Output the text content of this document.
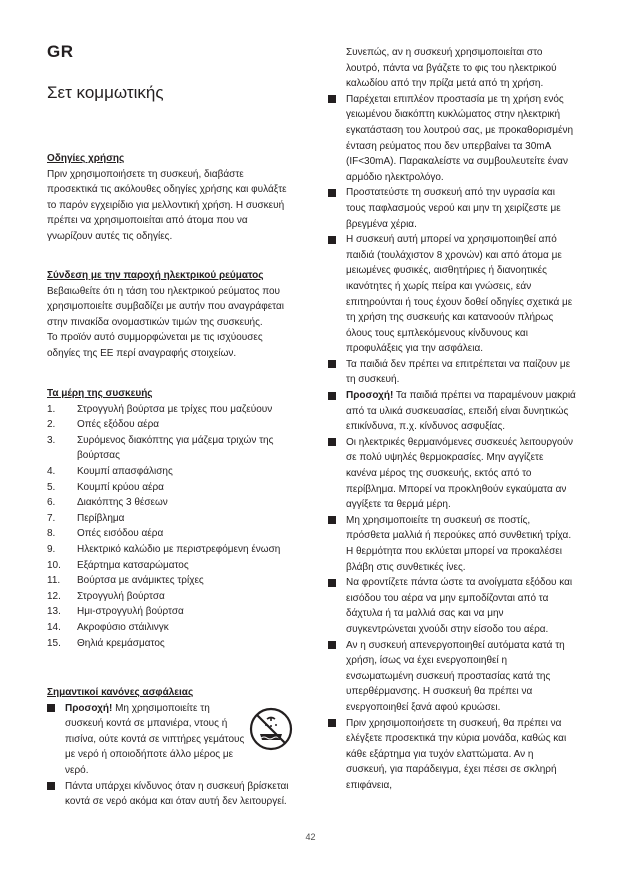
GR
Σετ κομμωτικής

Οδηγίες χρήσης

Πριν χρησιμοποιήσετε τη συσκευή, διαβάστε προσεκτικά τις ακόλουθες οδηγίες χρήσης και φυλάξτε το παρόν εγχειρίδιο για μελλοντική χρήση. Η συσκευή πρέπει να χρησιμοποιείται από άτομα που να γνωρίζουν αυτές τις οδηγίες.

Σύνδεση με την παροχή ηλεκτρικού ρεύματος

Βεβαιωθείτε ότι η τάση του ηλεκτρικού ρεύματος που χρησιμοποιείτε συμβαδίζει με αυτήν που αναγράφεται στην πινακίδα ονομαστικών τιμών της συσκευής.

Το προϊόν αυτό συμμορφώνεται με τις ισχύουσες οδηγίες της ΕΕ περί αναγραφής στοιχείων.

Τα μέρη της συσκευής

1.	Στρογγυλή βούρτσα με τρίχες που μαζεύουν
2.	Οπές εξόδου αέρα
3.	Συρόμενος διακόπτης για μάζεμα τριχών της βούρτσας
4.	Κουμπί απασφάλισης
5.	Κουμπί κρύου αέρα
6.	Διακόπτης 3 θέσεων
7.	Περίβλημα
8.	Οπές εισόδου αέρα
9.	Ηλεκτρικό καλώδιο με περιστρεφόμενη ένωση
10.	Εξάρτημα κατσαρώματος
11.	Βούρτσα με ανάμικτες τρίχες
12.	Στρογγυλή βούρτσα
13.	Ημι-στρογγυλή βούρτσα
14.	Ακροφύσιο στάιλινγκ
15.	Θηλιά κρεμάσματος

Σημαντικοί κανόνες ασφάλειας

Προσοχή! Μη χρησιμοποιείτε τη συσκευή κοντά σε μπανιέρα, ντους ή πισίνα, ούτε κοντά σε νιπτήρες γεμάτους με νερό ή οποιοδήποτε άλλο μέρος με νερό.
Πάντα υπάρχει κίνδυνος όταν η συσκευή βρίσκεται κοντά σε νερό ακόμα και όταν αυτή δεν λειτουργεί.

Συνεπώς, αν η συσκευή χρησιμοποιείται στο λουτρό, πάντα να βγάζετε το φις του ηλεκτρικού καλωδίου από την πρίζα μετά από τη χρήση.

Παρέχεται επιπλέον προστασία με τη χρήση ενός γειωμένου διακόπτη κυκλώματος στην ηλεκτρική εγκατάσταση του λουτρού σας, με προκαθορισμένη ένταση ρεύματος που δεν υπερβαίνει τα 30mA (IF<30mA). Παρακαλείστε να συμβουλευτείτε έναν αρμόδιο ηλεκτρολόγο.
Προστατεύστε τη συσκευή από την υγρασία και τους παφλασμούς νερού και μην τη χειρίζεστε με βρεγμένα χέρια.
Η συσκευή αυτή μπορεί να χρησιμοποιηθεί από παιδιά (τουλάχιστον 8 χρονών) και από άτομα με μειωμένες φυσικές, αισθητήριες ή διανοητικές ικανότητες ή χωρίς πείρα και γνώσεις, εάν επιτηρούνται ή τους έχουν δοθεί οδηγίες σχετικά με τη χρήση της συσκευής και κατανοούν πλήρως όλους τους εμπλεκόμενους κίνδυνους και προφυλάξεις για την ασφάλεια.
Τα παιδιά δεν πρέπει να επιτρέπεται να παίζουν με τη συσκευή.
Προσοχή! Τα παιδιά πρέπει να παραμένουν μακριά από τα υλικά συσκευασίας, επειδή είναι δυνητικώς επικίνδυνα, π.χ. κίνδυνος ασφυξίας.
Οι ηλεκτρικές θερμαινόμενες συσκευές λειτουργούν σε πολύ υψηλές θερμοκρασίες. Μην αγγίζετε κανένα μέρος της συσκευής, εκτός από το περίβλημα. Μπορεί να προκληθούν εγκαύματα αν αγγίξετε τα θερμά μέρη.
Μη χρησιμοποιείτε τη συσκευή σε ποστίς, πρόσθετα μαλλιά ή περούκες από συνθετική τρίχα. Η θερμότητα που εκλύεται μπορεί να προκαλέσει βλάβη στις συνθετικές ίνες.
Να φροντίζετε πάντα ώστε τα ανοίγματα εξόδου και εισόδου του αέρα να μην εμποδίζονται από τα δάχτυλα ή τα μαλλιά σας και να μην συγκεντρώνεται χνούδι στην είσοδο του αέρα.
Αν η συσκευή απενεργοποιηθεί αυτόματα κατά τη χρήση, ίσως να έχει ενεργοποιηθεί η ενσωματωμένη συσκευή προστασίας κατά της υπερθέρμανσης. Η συσκευή θα πρέπει να ενεργοποιηθεί ξανά αφού κρυώσει.
Πριν χρησιμοποιήσετε τη συσκευή, θα πρέπει να ελέγξετε προσεκτικά την κύρια μονάδα, καθώς και κάθε εξάρτημα για τυχόν ελαττώματα. Αν η συσκευή, για παράδειγμα, έχει πέσει σε σκληρή επιφάνεια,
42
